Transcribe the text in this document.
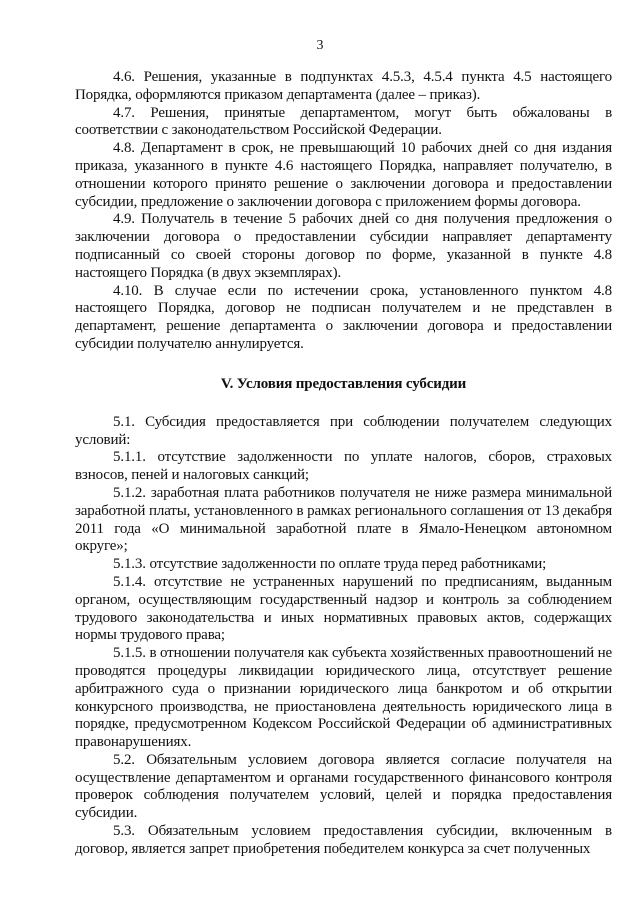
3

4.6. Решения, указанные в подпунктах 4.5.3, 4.5.4 пункта 4.5 настоящего Порядка, оформляются приказом департамента (далее – приказ).

4.7. Решения, принятые департаментом, могут быть обжалованы в соответствии с законодательством Российской Федерации.

4.8. Департамент в срок, не превышающий 10 рабочих дней со дня издания приказа, указанного в пункте 4.6 настоящего Порядка, направляет получателю, в отношении которого принято решение о заключении договора и предоставлении субсидии, предложение о заключении договора с приложением формы договора.

4.9. Получатель в течение 5 рабочих дней со дня получения предложения о заключении договора о предоставлении субсидии направляет департаменту подписанный со своей стороны договор по форме, указанной в пункте 4.8 настоящего Порядка (в двух экземплярах).

4.10. В случае если по истечении срока, установленного пунктом 4.8 настоящего Порядка, договор не подписан получателем и не представлен в департамент, решение департамента о заключении договора и предоставлении субсидии получателю аннулируется.

V. Условия предоставления субсидии

5.1. Субсидия предоставляется при соблюдении получателем следующих условий:

5.1.1. отсутствие задолженности по уплате налогов, сборов, страховых взносов, пеней и налоговых санкций;

5.1.2. заработная плата работников получателя не ниже размера минимальной заработной платы, установленного в рамках регионального соглашения от 13 декабря 2011 года «О минимальной заработной плате в Ямало-Ненецком автономном округе»;

5.1.3. отсутствие задолженности по оплате труда перед работниками;

5.1.4. отсутствие не устраненных нарушений по предписаниям, выданным органом, осуществляющим государственный надзор и контроль за соблюдением трудового законодательства и иных нормативных правовых актов, содержащих нормы трудового права;

5.1.5. в отношении получателя как субъекта хозяйственных правоотношений не проводятся процедуры ликвидации юридического лица, отсутствует решение арбитражного суда о признании юридического лица банкротом и об открытии конкурсного производства, не приостановлена деятельность юридического лица в порядке, предусмотренном Кодексом Российской Федерации об административных правонарушениях.

5.2. Обязательным условием договора является согласие получателя на осуществление департаментом и органами государственного финансового контроля проверок соблюдения получателем условий, целей и порядка предоставления субсидии.

5.3. Обязательным условием предоставления субсидии, включенным в договор, является запрет приобретения победителем конкурса за счет полученных
